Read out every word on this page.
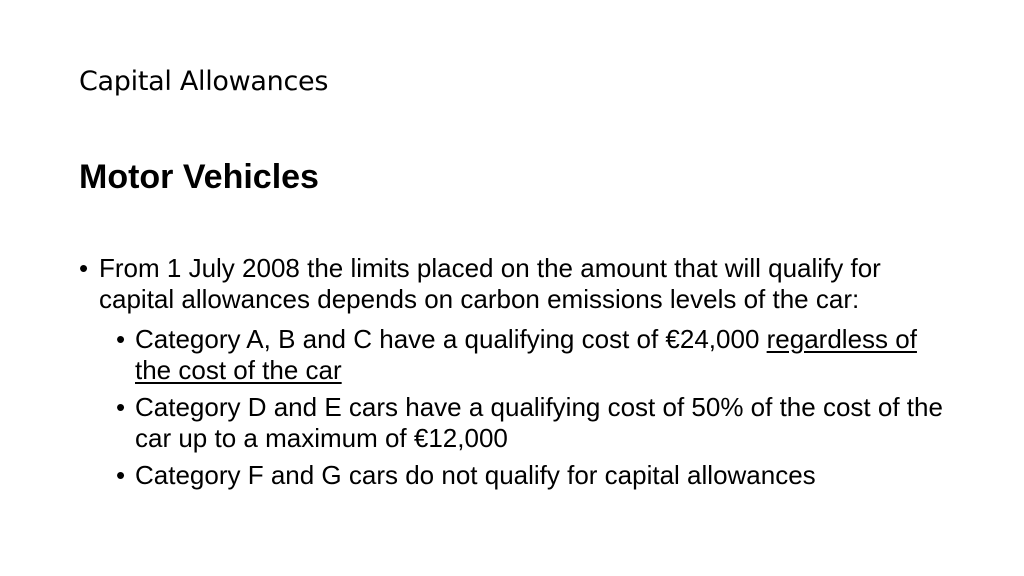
Capital Allowances
Motor Vehicles
• From 1 July 2008 the limits placed on the amount that will qualify for capital allowances depends on carbon emissions levels of the car:
• Category A, B and C have a qualifying cost of €24,000 regardless of the cost of the car
• Category D and E cars have a qualifying cost of 50% of the cost of the car up to a maximum of €12,000
• Category F and G cars do not qualify for capital allowances
